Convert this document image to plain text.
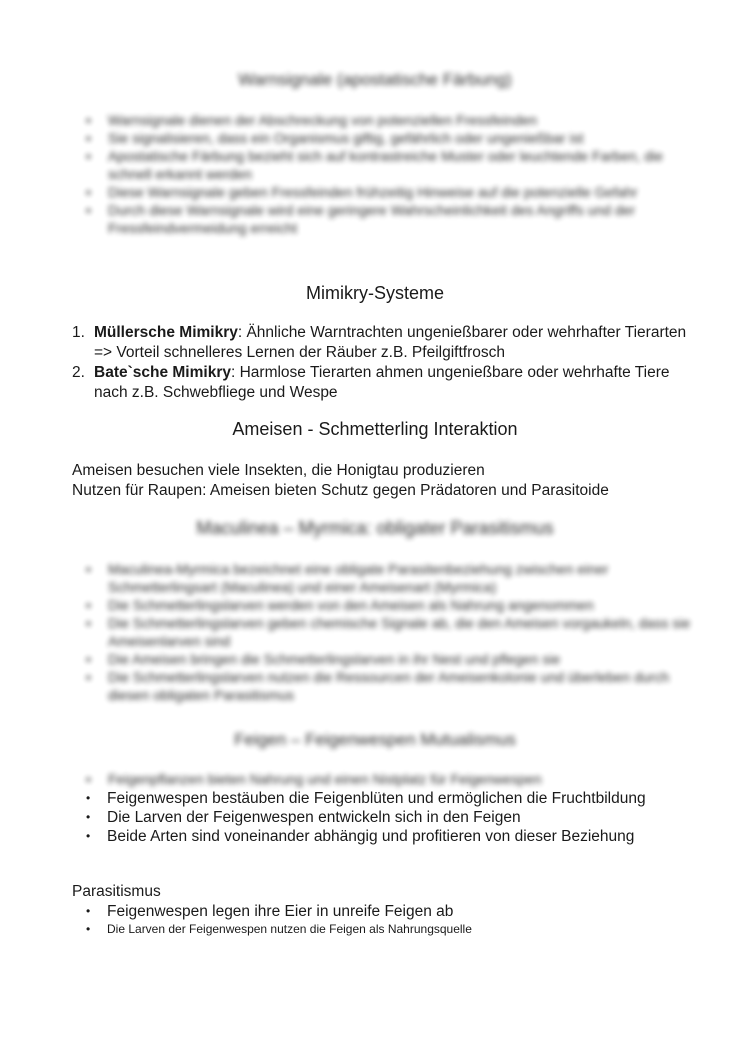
Warnsignale (apostatische Färbung)
• Warnsignale dienen der Abschreckung von potenziellen Fressfeinden
• Sie signalisieren, dass ein Organismus giftig, gefährlich oder ungenießbar ist
• Apostatische Färbung bezieht sich auf kontrastreiche Muster oder leuchtende Farben, die schnell erkannt werden
• Diese Warnsignale geben Fressfeinden frühzeitig Hinweise auf die potenzielle Gefahr
• Durch diese Warnsignale wird eine geringere Wahrscheinlichkeit des Angriffs und der Fressfeindvermeidung erreicht
Mimikry-Systeme
1. Müllersche Mimikry: Ähnliche Warntrachten ungenießbarer oder wehrhafter Tierarten => Vorteil schnelleres Lernen der Räuber z.B. Pfeilgiftfrosch
2. Bate`sche Mimikry: Harmlose Tierarten ahmen ungenießbare oder wehrhafte Tiere nach z.B. Schwebfliege und Wespe
Ameisen - Schmetterling Interaktion
Ameisen besuchen viele Insekten, die Honigtau produzieren
Nutzen für Raupen: Ameisen bieten Schutz gegen Prädatoren und Parasitoide
Maculinea – Myrmica: obligater Parasitismus
• Maculinea-Myrmica bezeichnet eine obligate Parasitenbeziehung zwischen einer Schmetterlingsart (Maculinea) und einer Ameisenart (Myrmica)
• Die Schmetterlingslarven werden von den Ameisen als Nahrung angenommen
• Die Schmetterlingslarven geben chemische Signale ab, die den Ameisen vorgaukeln, dass sie Ameisenlarven sind
• Die Ameisen bringen die Schmetterlingslarven in ihr Nest und pflegen sie
• Die Schmetterlingslarven nutzen die Ressourcen der Ameisenkolonie und überleben durch diesen obligaten Parasitismus
Feigen – Feigenwespen Mutualismus
• Feigenpflanzen bieten Nahrung und einen Nistplatz für Feigenwespen
• Feigenwespen bestäuben die Feigenblüten und ermöglichen die Fruchtbildung
• Die Larven der Feigenwespen entwickeln sich in den Feigen
• Beide Arten sind voneinander abhängig und profitieren von dieser Beziehung
Parasitismus
• Feigenwespen legen ihre Eier in unreife Feigen ab
• Die Larven der Feigenwespen nutzen die Feigen als Nahrungsquelle
